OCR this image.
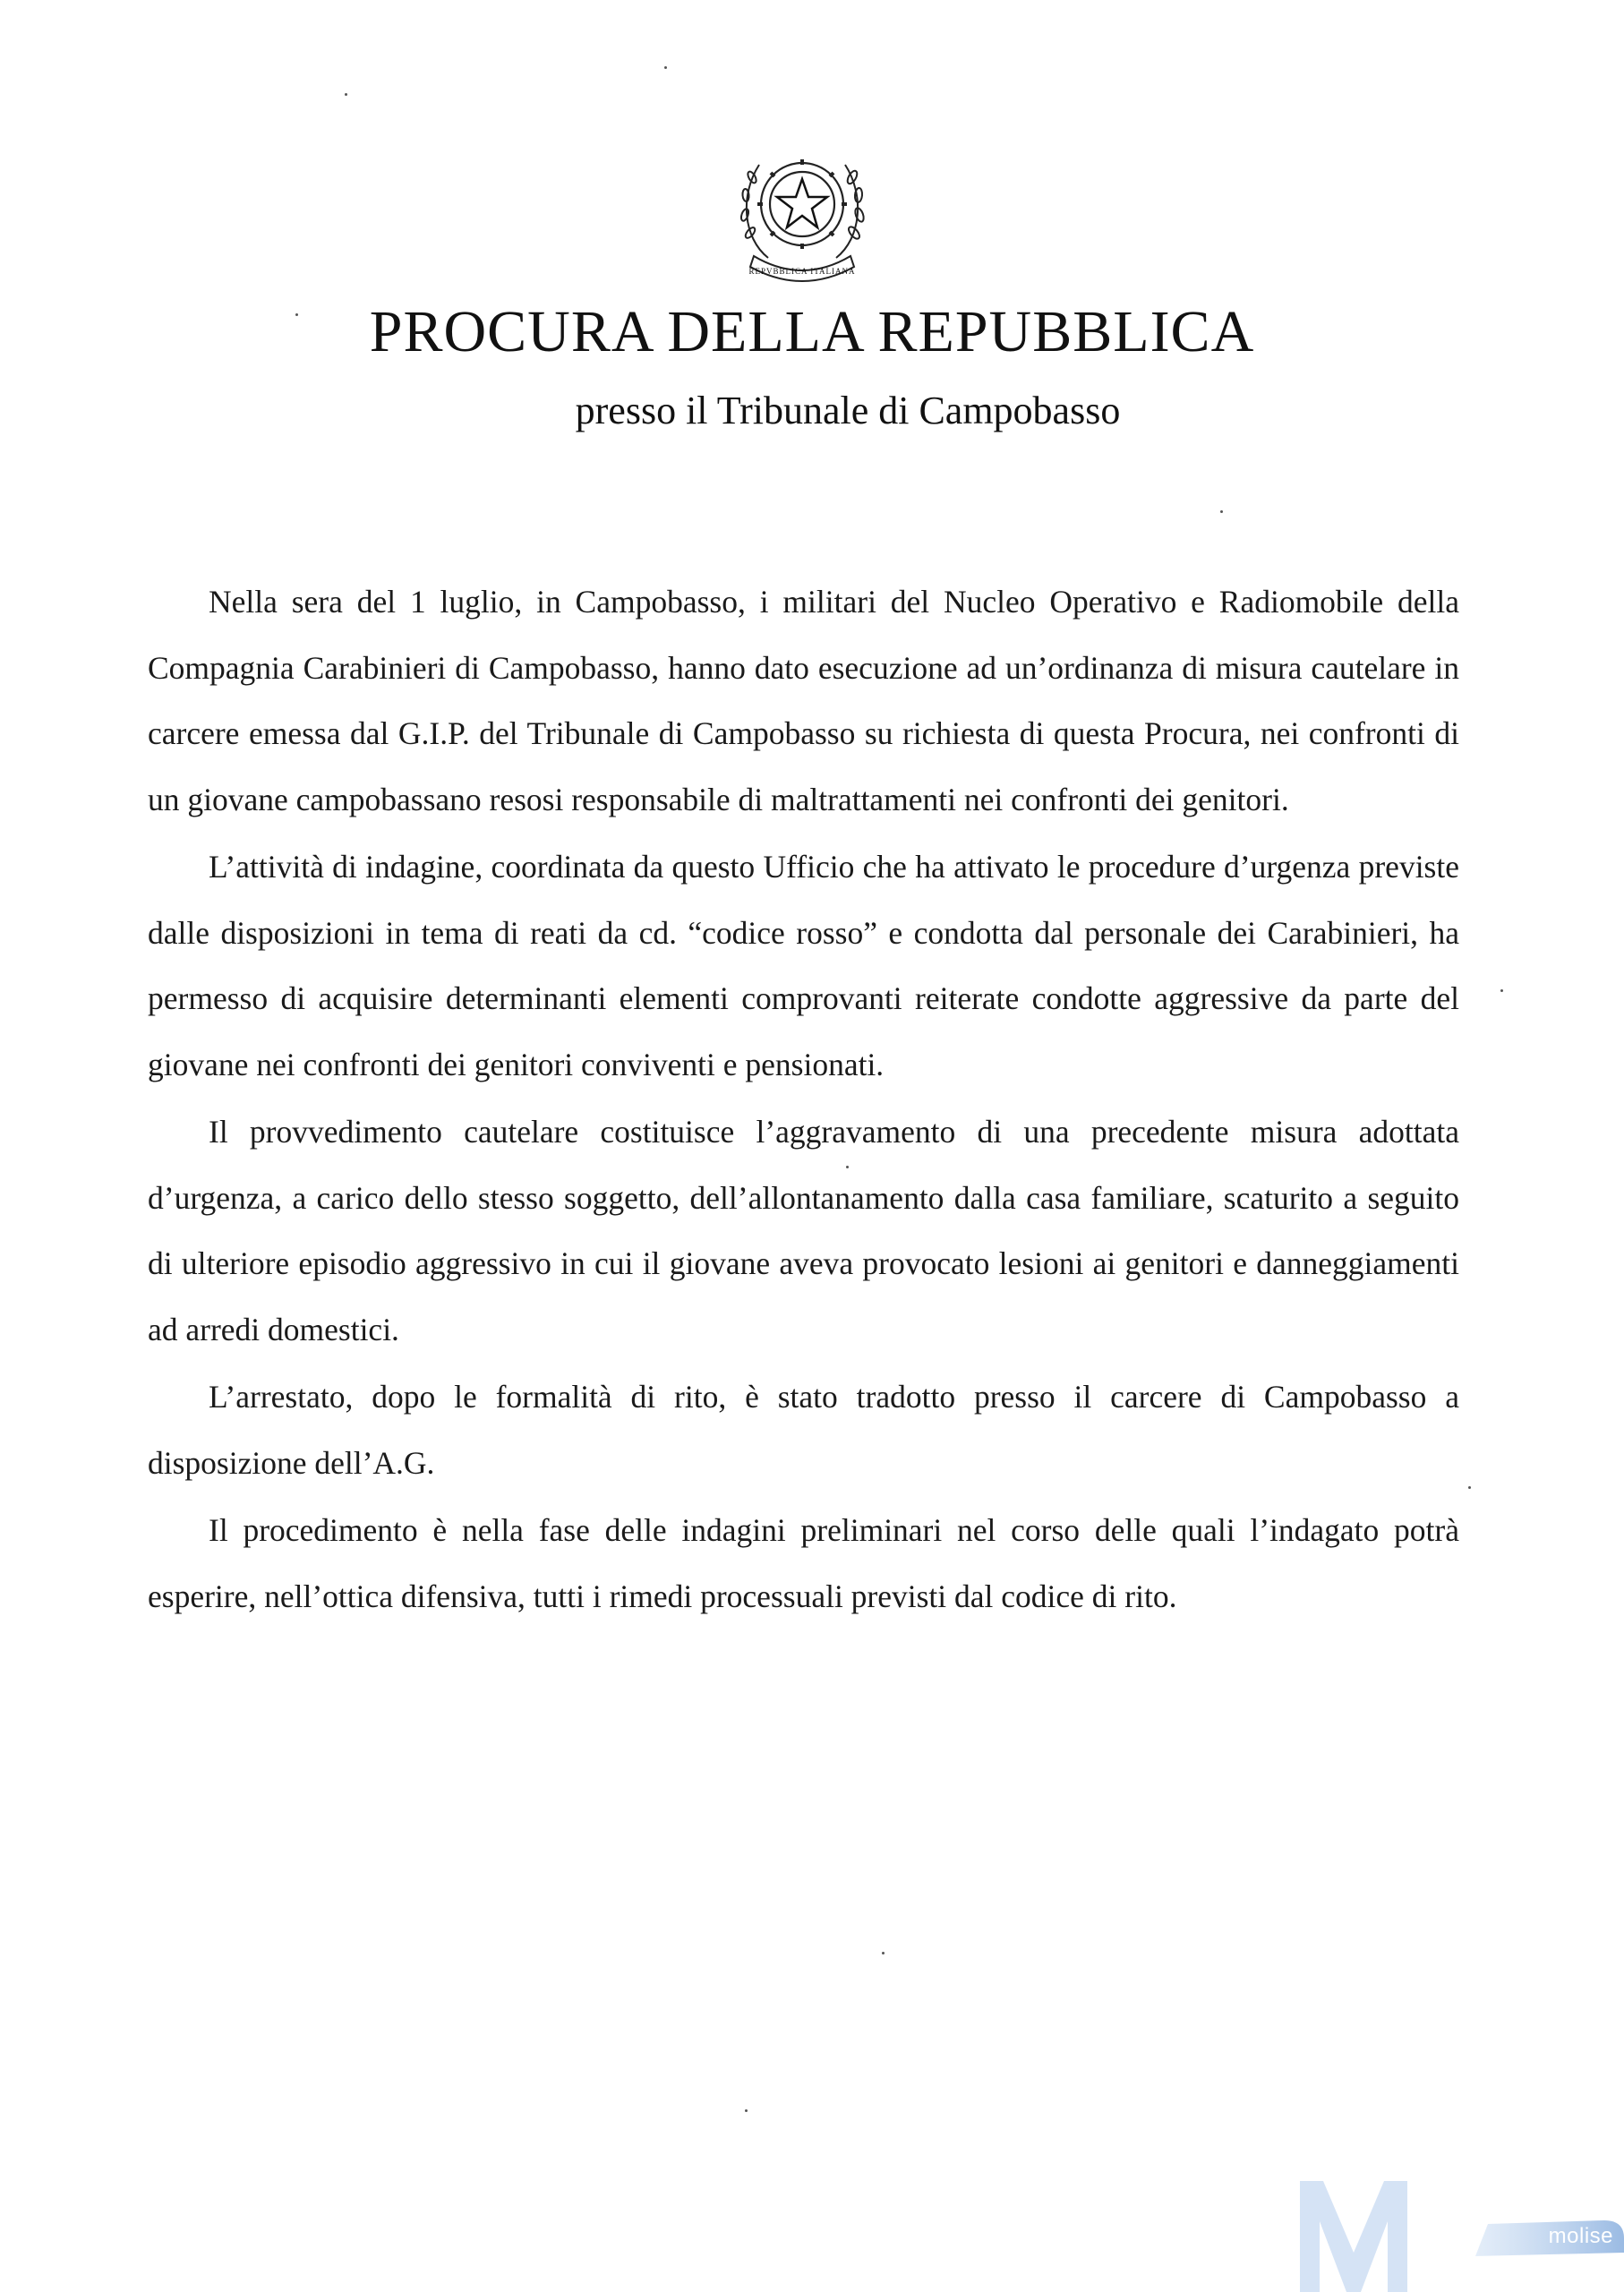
REPVBBLICA ITALIANA
PROCURA DELLA REPUBBLICA
presso il Tribunale di Campobasso

Nella sera del 1 luglio, in Campobasso, i militari del Nucleo Operativo e Radiomobile della Compagnia Carabinieri di Campobasso, hanno dato esecuzione ad un’ordinanza di misura cautelare in carcere emessa dal G.I.P. del Tribunale di Campobasso su richiesta di questa Procura, nei confronti di un giovane campobassano resosi responsabile di maltrattamenti nei confronti dei genitori.

L’attività di indagine, coordinata da questo Ufficio che ha attivato le procedure d’urgenza previste dalle disposizioni in tema di reati da cd. “codice rosso” e condotta dal personale dei Carabinieri, ha permesso di acquisire determinanti elementi comprovanti reiterate condotte aggressive da parte del giovane nei confronti dei genitori conviventi e pensionati.

Il provvedimento cautelare costituisce l’aggravamento di una precedente misura adottata d’urgenza, a carico dello stesso soggetto, dell’allontanamento dalla casa familiare, scaturito a seguito di ulteriore episodio aggressivo in cui il giovane aveva provocato lesioni ai genitori e danneggiamenti ad arredi domestici.

L’arrestato, dopo le formalità di rito, è stato tradotto presso il carcere di Campobasso a disposizione dell’A.G.

Il procedimento è nella fase delle indagini preliminari nel corso delle quali l’indagato potrà esperire, nell’ottica difensiva, tutti i rimedi processuali previsti dal codice di rito.

molise
